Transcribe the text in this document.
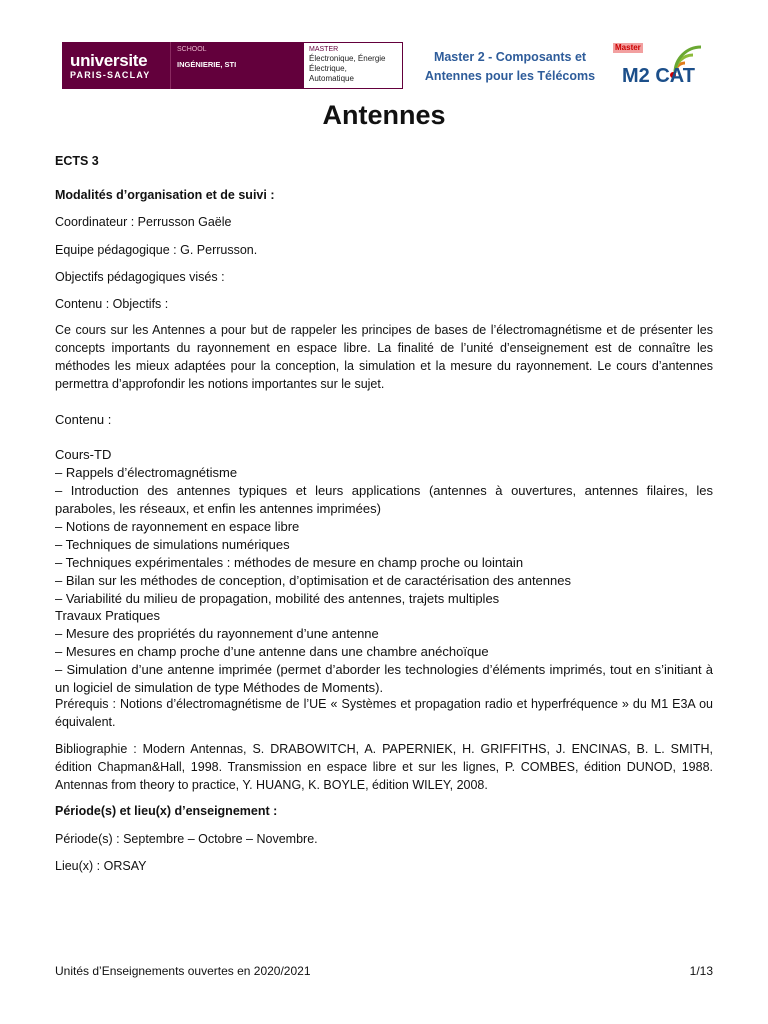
universite
PARIS-SACLAY
SCHOOL
INGÉNIERIE, STI
MASTER
Électronique, Énergie
Électrique,
Automatique
Master 2 - Composants et
Antennes pour les Télécoms
Master
M2 CAT
Antennes
ECTS 3
Modalités d’organisation et de suivi :
Coordinateur : Perrusson Gaële
Equipe pédagogique : G. Perrusson.
Objectifs pédagogiques visés :
Contenu : Objectifs :
Ce cours sur les Antennes a pour but de rappeler les principes de bases de l’électromagnétisme et de présenter les concepts importants du rayonnement en espace libre. La finalité de l’unité d’enseignement est de connaître les méthodes les mieux adaptées pour la conception, la simulation et la mesure du rayonnement. Le cours d’antennes permettra d’approfondir les notions importantes sur le sujet.
Contenu :
Cours-TD
– Rappels d’électromagnétisme
– Introduction des antennes typiques et leurs applications (antennes à ouvertures, antennes filaires, les paraboles, les réseaux, et enfin les antennes imprimées)
– Notions de rayonnement en espace libre
– Techniques de simulations numériques
– Techniques expérimentales : méthodes de mesure en champ proche ou lointain
– Bilan sur les méthodes de conception, d’optimisation et de caractérisation des antennes
– Variabilité du milieu de propagation, mobilité des antennes, trajets multiples
Travaux Pratiques
– Mesure des propriétés du rayonnement d’une antenne
– Mesures en champ proche d’une antenne dans une chambre anéchoïque
– Simulation d’une antenne imprimée (permet d’aborder les technologies d’éléments imprimés, tout en s’initiant à un logiciel de simulation de type Méthodes de Moments).
Prérequis : Notions d’électromagnétisme de l’UE « Systèmes et propagation radio et hyperfréquence » du M1 E3A ou équivalent.
Bibliographie : Modern Antennas, S. DRABOWITCH, A. PAPERNIEK, H. GRIFFITHS, J. ENCINAS, B. L. SMITH, édition Chapman&Hall, 1998. Transmission en espace libre et sur les lignes, P. COMBES, édition DUNOD, 1988. Antennas from theory to practice, Y. HUANG, K. BOYLE, édition WILEY, 2008.
Période(s) et lieu(x) d’enseignement :
Période(s) : Septembre – Octobre – Novembre.
Lieu(x) : ORSAY
Unités d’Enseignements ouvertes en 2020/2021	1/13
